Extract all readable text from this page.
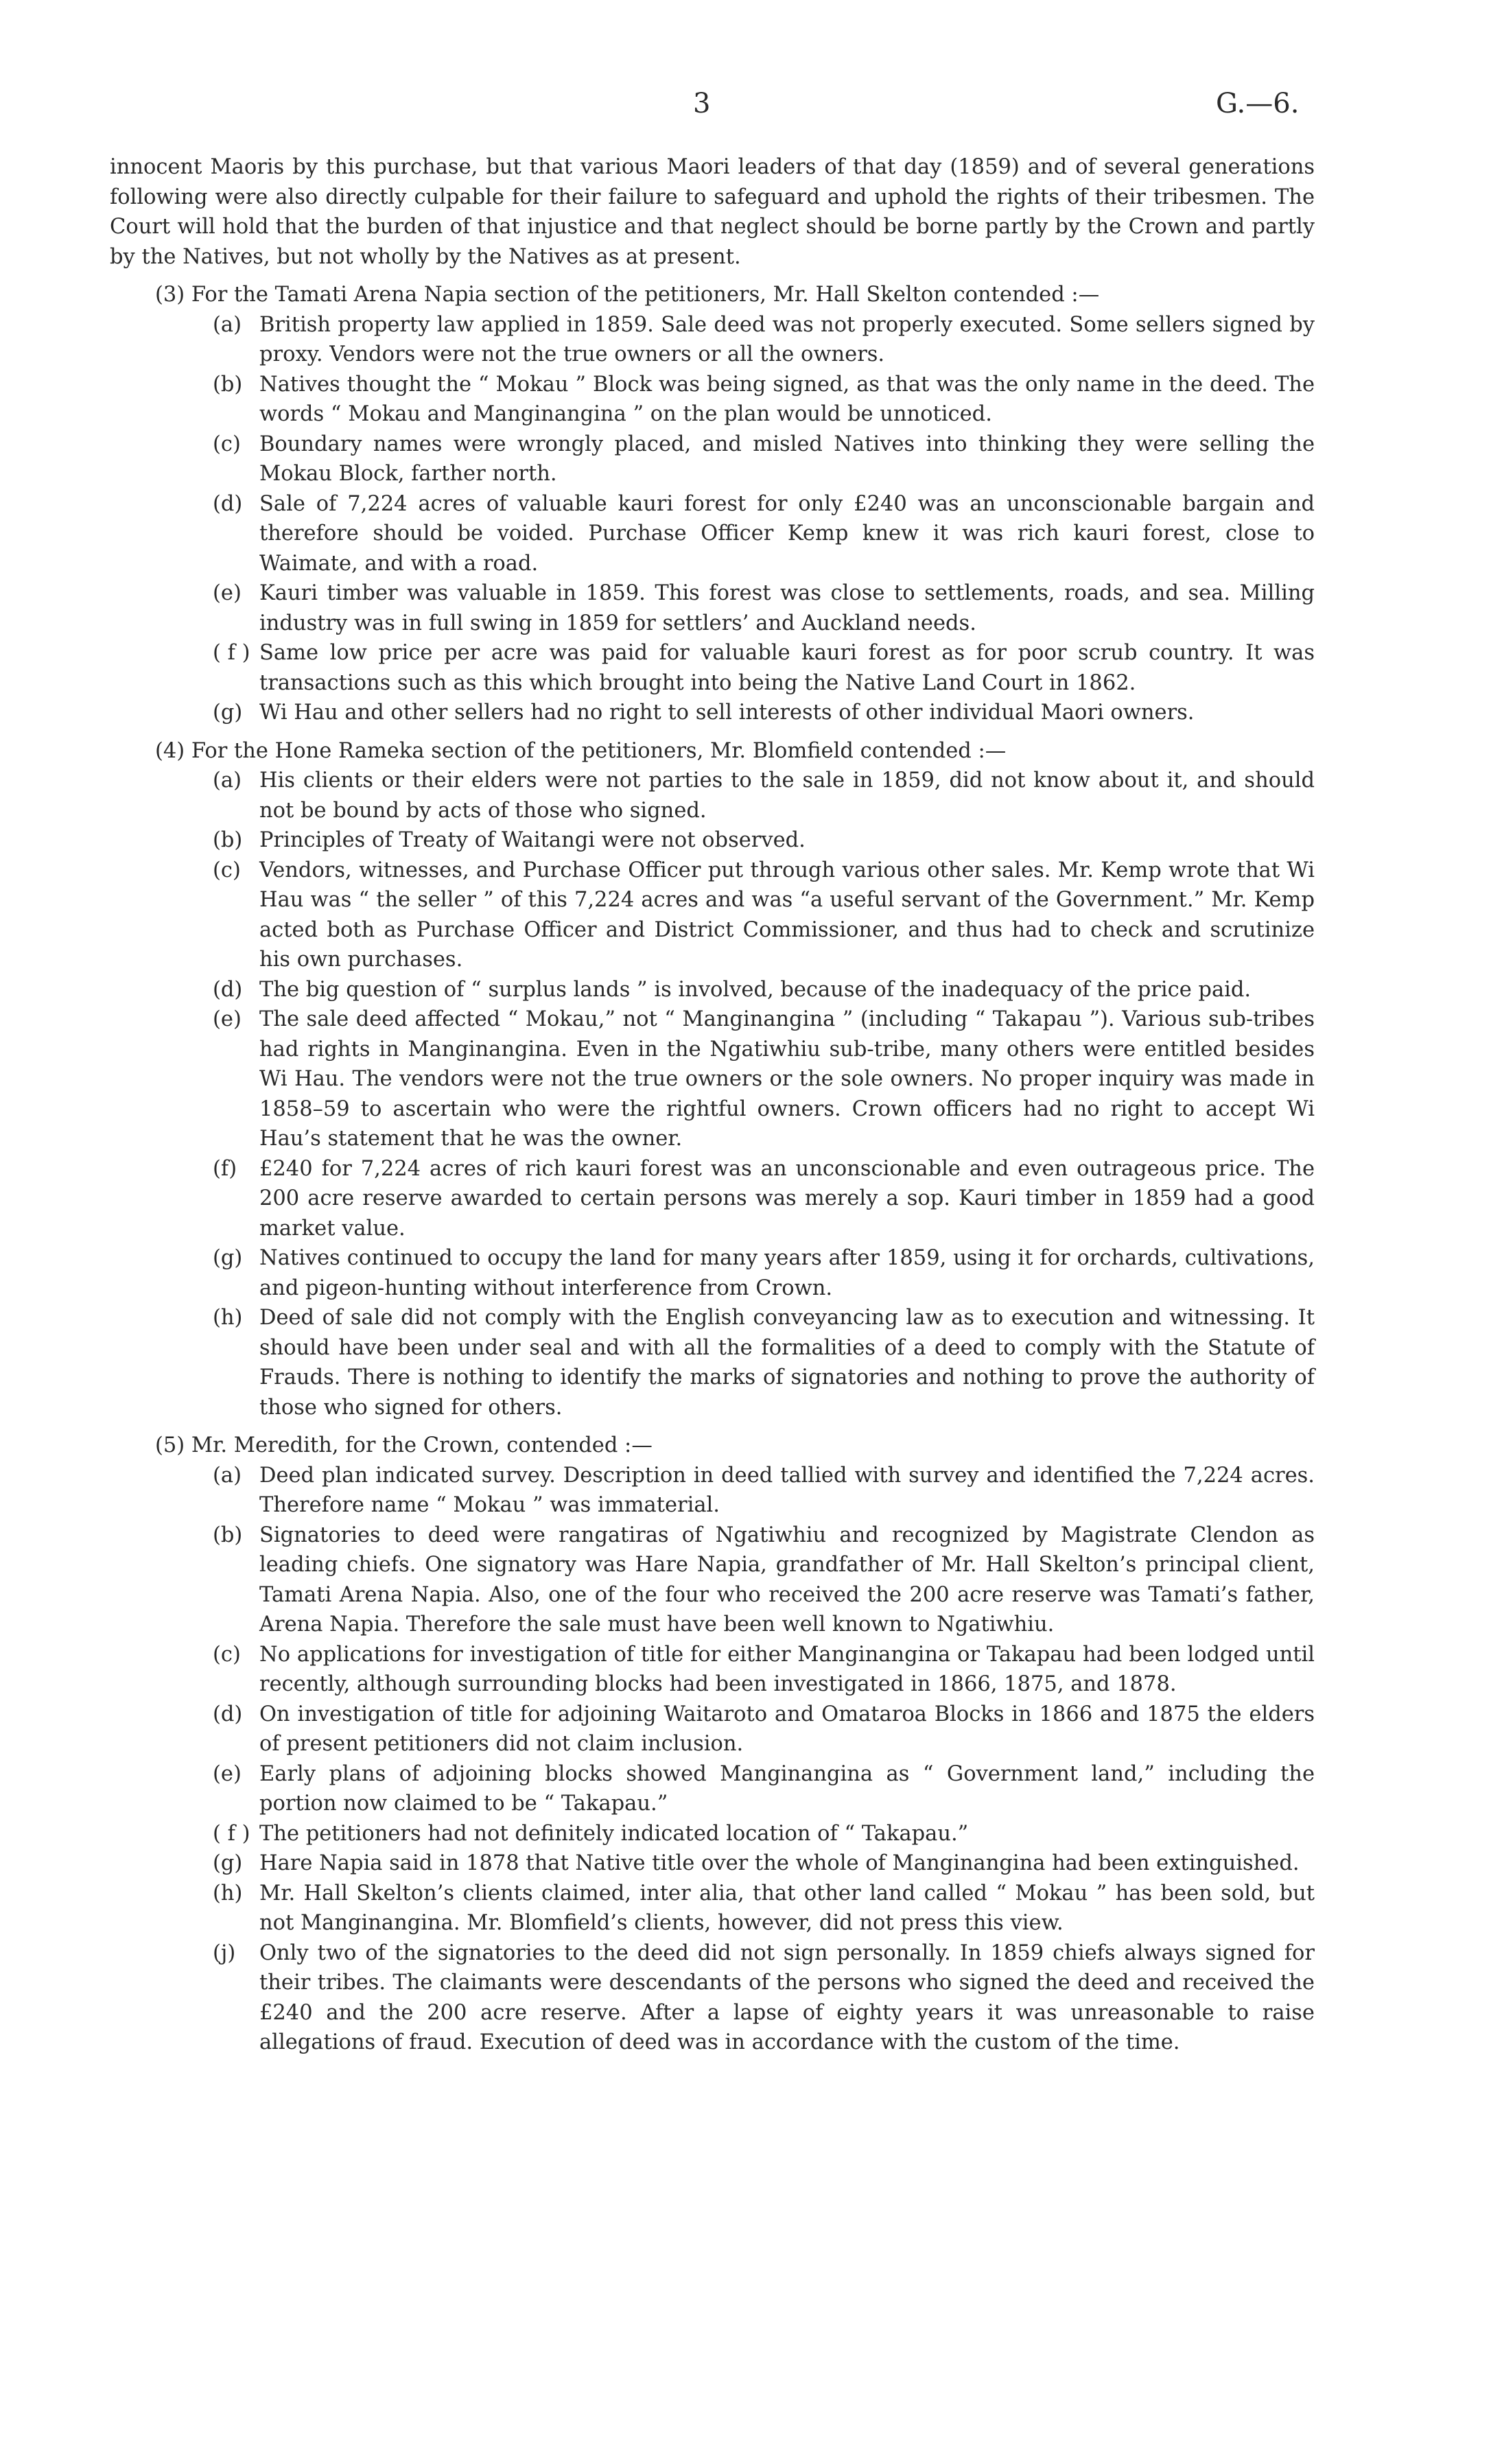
3	G.—6.

innocent Maoris by this purchase, but that various Maori leaders of that day (1859) and of several generations following were also directly culpable for their failure to safeguard and uphold the rights of their tribesmen. The Court will hold that the burden of that injustice and that neglect should be borne partly by the Crown and partly by the Natives, but not wholly by the Natives as at present.

(3) For the Tamati Arena Napia section of the petitioners, Mr. Hall Skelton contended :—

(a) British property law applied in 1859. Sale deed was not properly executed. Some sellers signed by proxy. Vendors were not the true owners or all the owners.
(b) Natives thought the “ Mokau ” Block was being signed, as that was the only name in the deed. The words “ Mokau and Manginangina ” on the plan would be unnoticed.
(c) Boundary names were wrongly placed, and misled Natives into thinking they were selling the Mokau Block, farther north.
(d) Sale of 7,224 acres of valuable kauri forest for only £240 was an unconscionable bargain and therefore should be voided. Purchase Officer Kemp knew it was rich kauri forest, close to Waimate, and with a road.
(e) Kauri timber was valuable in 1859. This forest was close to settlements, roads, and sea. Milling industry was in full swing in 1859 for settlers’ and Auckland needs.
( f ) Same low price per acre was paid for valuable kauri forest as for poor scrub country. It was transactions such as this which brought into being the Native Land Court in 1862.
(g) Wi Hau and other sellers had no right to sell interests of other individual Maori owners.

(4) For the Hone Rameka section of the petitioners, Mr. Blomfield contended :—

(a) His clients or their elders were not parties to the sale in 1859, did not know about it, and should not be bound by acts of those who signed.
(b) Principles of Treaty of Waitangi were not observed.
(c) Vendors, witnesses, and Purchase Officer put through various other sales. Mr. Kemp wrote that Wi Hau was “ the seller ” of this 7,224 acres and was “a useful servant of the Government.” Mr. Kemp acted both as Purchase Officer and District Commissioner, and thus had to check and scrutinize his own purchases.
(d) The big question of “ surplus lands ” is involved, because of the inadequacy of the price paid.
(e) The sale deed affected “ Mokau,” not “ Manginangina ” (including “ Takapau ”). Various sub-tribes had rights in Manginangina. Even in the Ngatiwhiu sub-tribe, many others were entitled besides Wi Hau. The vendors were not the true owners or the sole owners. No proper inquiry was made in 1858–59 to ascertain who were the rightful owners. Crown officers had no right to accept Wi Hau’s statement that he was the owner.
(f) £240 for 7,224 acres of rich kauri forest was an unconscionable and even outrageous price. The 200 acre reserve awarded to certain persons was merely a sop. Kauri timber in 1859 had a good market value.
(g) Natives continued to occupy the land for many years after 1859, using it for orchards, cultivations, and pigeon-hunting without interference from Crown.
(h) Deed of sale did not comply with the English conveyancing law as to execution and witnessing. It should have been under seal and with all the formalities of a deed to comply with the Statute of Frauds. There is nothing to identify the marks of signatories and nothing to prove the authority of those who signed for others.

(5) Mr. Meredith, for the Crown, contended :—

(a) Deed plan indicated survey. Description in deed tallied with survey and identified the 7,224 acres. Therefore name “ Mokau ” was immaterial.
(b) Signatories to deed were rangatiras of Ngatiwhiu and recognized by Magistrate Clendon as leading chiefs. One signatory was Hare Napia, grandfather of Mr. Hall Skelton’s principal client, Tamati Arena Napia. Also, one of the four who received the 200 acre reserve was Tamati’s father, Arena Napia. Therefore the sale must have been well known to Ngatiwhiu.
(c) No applications for investigation of title for either Manginangina or Takapau had been lodged until recently, although surrounding blocks had been investigated in 1866, 1875, and 1878.
(d) On investigation of title for adjoining Waitaroto and Omataroa Blocks in 1866 and 1875 the elders of present petitioners did not claim inclusion.
(e) Early plans of adjoining blocks showed Manginangina as “ Government land,” including the portion now claimed to be “ Takapau.”
( f ) The petitioners had not definitely indicated location of “ Takapau.”
(g) Hare Napia said in 1878 that Native title over the whole of Manginangina had been extinguished.
(h) Mr. Hall Skelton’s clients claimed, inter alia, that other land called “ Mokau ” has been sold, but not Manginangina. Mr. Blomfield’s clients, however, did not press this view.
(j) Only two of the signatories to the deed did not sign personally. In 1859 chiefs always signed for their tribes. The claimants were descendants of the persons who signed the deed and received the £240 and the 200 acre reserve. After a lapse of eighty years it was unreasonable to raise allegations of fraud. Execution of deed was in accordance with the custom of the time.
